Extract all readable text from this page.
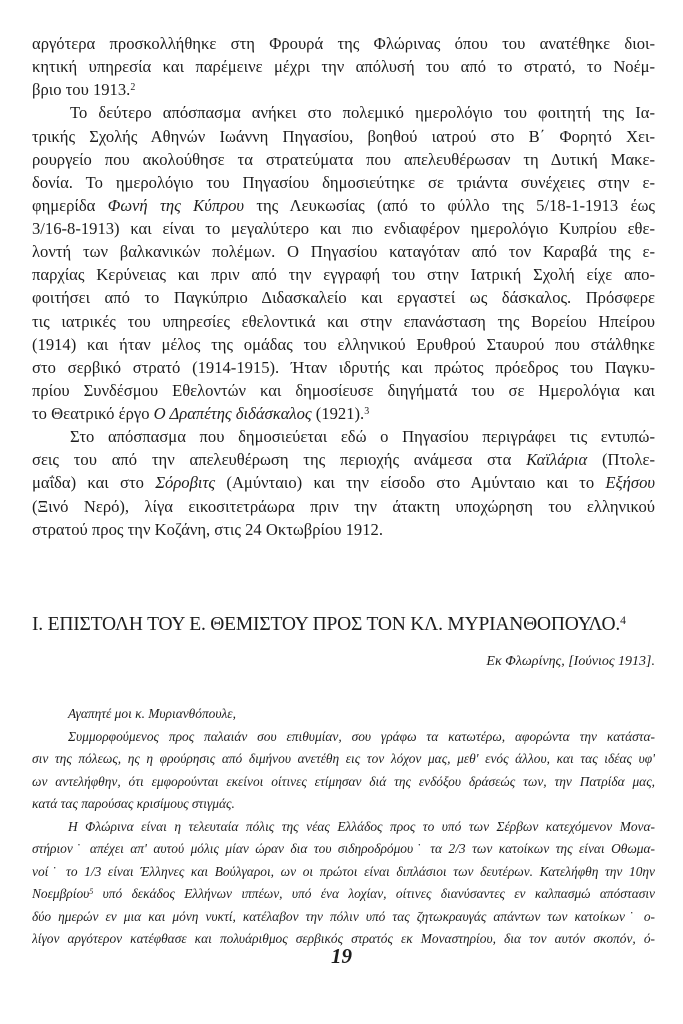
αργότερα προσκολλήθηκε στη Φρουρά της Φλώρινας όπου του ανατέθηκε διοι-
κητική υπηρεσία και παρέμεινε μέχρι την απόλυσή του από το στρατό, το Νοέμ-
βριο του 1913.$^2$
Το δεύτερο απόσπασμα ανήκει στο πολεμικό ημερολόγιο του φοιτητή της Ια-
τρικής Σχολής Αθηνών Ιωάννη Πηγασίου, βοηθού ιατρού στο Β΄ Φορητό Χει-
ρουργείο που ακολούθησε τα στρατεύματα που απελευθέρωσαν τη Δυτική Μακε-
δονία. Το ημερολόγιο του Πηγασίου δημοσιεύτηκε σε τριάντα συνέχειες στην ε-
φημερίδα Φωνή της Κύπρου της Λευκωσίας (από το φύλλο της 5/18-1-1913 έως
3/16-8-1913) και είναι το μεγαλύτερο και πιο ενδιαφέρον ημερολόγιο Κυπρίου εθε-
λοντή των βαλκανικών πολέμων. Ο Πηγασίου καταγόταν από τον Καραβά της ε-
παρχίας Κερύνειας και πριν από την εγγραφή του στην Ιατρική Σχολή είχε απο-
φοιτήσει από το Παγκύπριο Διδασκαλείο και εργαστεί ως δάσκαλος. Πρόσφερε
τις ιατρικές του υπηρεσίες εθελοντικά και στην επανάσταση της Βορείου Ηπείρου
(1914) και ήταν μέλος της ομάδας του ελληνικού Ερυθρού Σταυρού που στάλθηκε
στο σερβικό στρατό (1914-1915). Ήταν ιδρυτής και πρώτος πρόεδρος του Παγκυ-
πρίου Συνδέσμου Εθελοντών και δημοσίευσε διηγήματά του σε Ημερολόγια και
το Θεατρικό έργο Ο Δραπέτης διδάσκαλος (1921).$^3$
Στο απόσπασμα που δημοσιεύεται εδώ ο Πηγασίου περιγράφει τις εντυπώ-
σεις του από την απελευθέρωση της περιοχής ανάμεσα στα Καϊλάρια (Πτολε-
μαΐδα) και στο Σόροβιτς (Αμύνταιο) και την είσοδο στο Αμύνταιο και το Εξήσου
(Ξινό Νερό), λίγα εικοσιτετράωρα πριν την άτακτη υποχώρηση του ελληνικού
στρατού προς την Κοζάνη, στις 24 Οκτωβρίου 1912.
Ι. ΕΠΙΣΤΟΛΗ ΤΟΥ Ε. ΘΕΜΙΣΤΟΥ ΠΡΟΣ ΤΟΝ ΚΛ. ΜΥΡΙΑΝΘΟΠΟΥΛΟ.$^4$
Εκ Φλωρίνης, [Ιούνιος 1913].
Αγαπητέ μοι κ. Μυριανθόπουλε,
Συμμορφούμενος προς παλαιάν σου επιθυμίαν, σου γράφω τα κατωτέρω, αφορώντα την κατάστα-
σιν της πόλεως, ης η φρούρησις από διμήνου ανετέθη εις τον λόχον μας, μεθ' ενός άλλου, και τας ιδέας υφ'
ων αντελήφθην, ότι εμφορούνται εκείνοι οίτινες ετίμησαν διά της ενδόξου δράσεώς των, την Πατρίδα μας,
κατά τας παρούσας κρισίμους στιγμάς.
Η Φλώρινα είναι η τελευταία πόλις της νέας Ελλάδος προς το υπό των Σέρβων κατεχόμενον Μονα-
στήριον˙ απέχει απ' αυτού μόλις μίαν ώραν δια του σιδηροδρόμου˙ τα 2/3 των κατοίκων της είναι Οθωμα-
νοί˙ το 1/3 είναι Έλληνες και Βούλγαροι, ων οι πρώτοι είναι διπλάσιοι των δευτέρων. Κατελήφθη την 10ην
Νοεμβρίου$^5$ υπό δεκάδος Ελλήνων ιππέων, υπό ένα λοχίαν, οίτινες διανύσαντες εν καλπασμώ απόστασιν
δύο ημερών εν μια και μόνη νυκτί, κατέλαβον την πόλιν υπό τας ζητωκραυγάς απάντων των κατοίκων˙ ο-
λίγον αργότερον κατέφθασε και πολυάριθμος σερβικός στρατός εκ Μοναστηρίου, δια τον αυτόν σκοπόν, ό-
19
